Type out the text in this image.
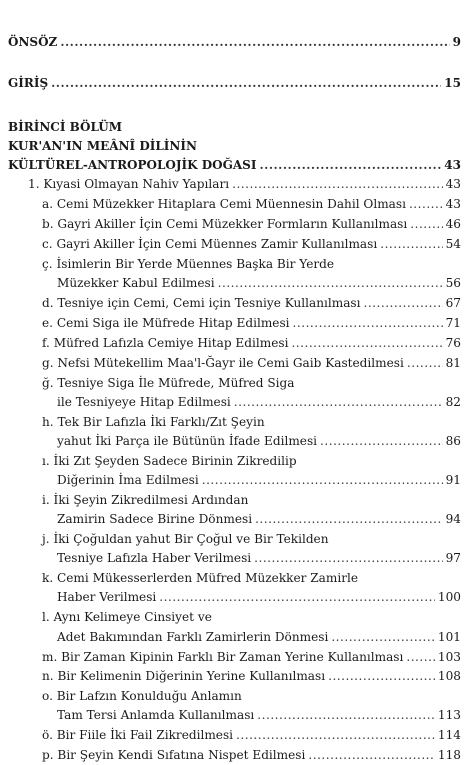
ÖNSÖZ .....	9
GİRİŞ .....	15
BİRİNCİ BÖLÜM
KUR'AN'IN MEÂNÎ DİLİNİN
KÜLTÜREL-ANTROPOLOJİK DOĞASI .....	43
1. Kıyasi Olmayan Nahiv Yapıları .....	43
a. Cemi Müzekker Hitaplara Cemi Müennesin Dahil Olması .....	43
b. Gayri Akiller İçin Cemi Müzekker Formların Kullanılması .....	46
c. Gayri Akiller İçin Cemi Müennes Zamir Kullanılması .....	54
ç. İsimlerin Bir Yerde Müennes Başka Bir Yerde
Müzekker Kabul Edilmesi .....	56
d. Tesniye için Cemi, Cemi için Tesniye Kullanılması .....	67
e. Cemi Siga ile Müfrede Hitap Edilmesi .....	71
f. Müfred Lafızla Cemiye Hitap Edilmesi .....	76
g. Nefsi Mütekellim Maa'l-Ğayr ile Cemi Gaib Kastedilmesi .....	81
ğ. Tesniye Siga İle Müfrede, Müfred Siga
ile Tesniyeye Hitap Edilmesi .....	82
h. Tek Bir Lafızla İki Farklı/Zıt Şeyin
yahut İki Parça ile Bütünün İfade Edilmesi .....	86
ı. İki Zıt Şeyden Sadece Birinin Zikredilip
Diğerinin İma Edilmesi .....	91
i. İki Şeyin Zikredilmesi Ardından
Zamirin Sadece Birine Dönmesi .....	94
j. İki Çoğuldan yahut Bir Çoğul ve Bir Tekilden
Tesniye Lafızla Haber Verilmesi .....	97
k. Cemi Mükesserlerden Müfred Müzekker Zamirle
Haber Verilmesi .....	100
l. Aynı Kelimeye Cinsiyet ve
Adet Bakımından Farklı Zamirlerin Dönmesi .....	101
m. Bir Zaman Kipinin Farklı Bir Zaman Yerine Kullanılması .....	103
n. Bir Kelimenin Diğerinin Yerine Kullanılması .....	108
o. Bir Lafzın Konulduğu Anlamın
Tam Tersi Anlamda Kullanılması .....	113
ö. Bir Fiile İki Fail Zikredilmesi .....	114
p. Bir Şeyin Kendi Sıfatına Nispet Edilmesi .....	118
